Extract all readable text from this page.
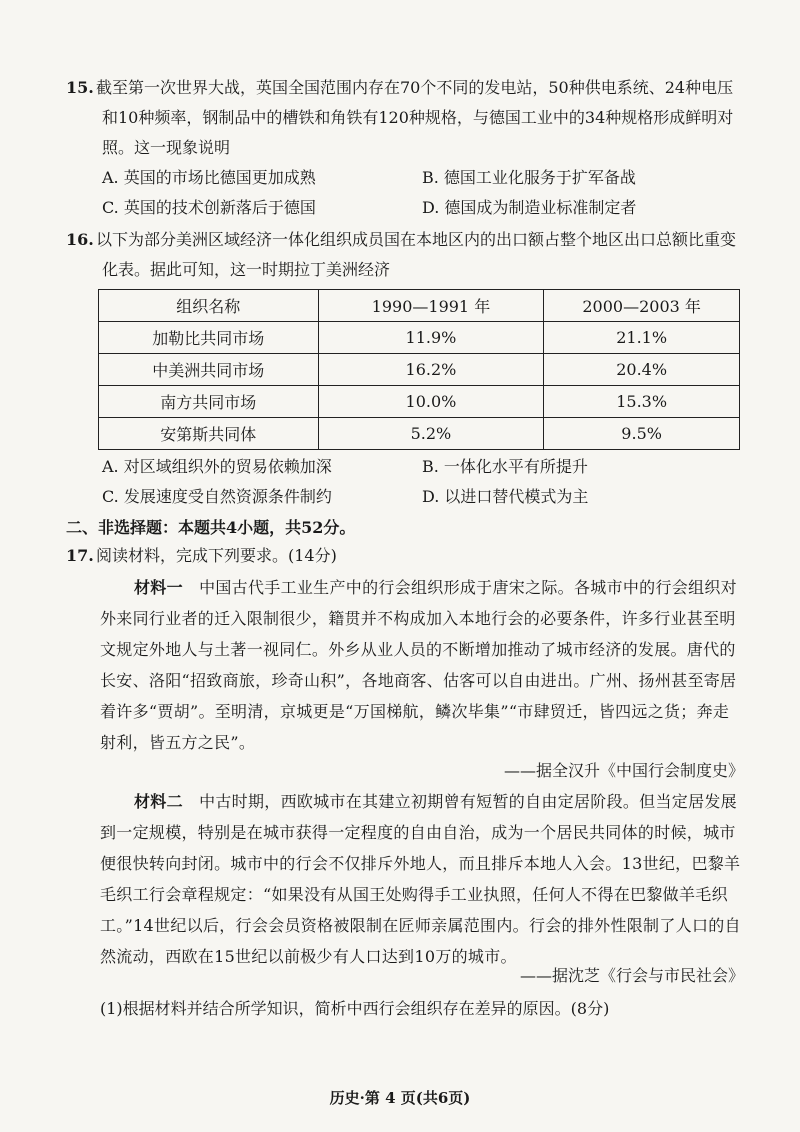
15. 截至第一次世界大战，英国全国范围内存在70个不同的发电站，50种供电系统、24种电压
和10种频率，钢制品中的槽铁和角铁有120种规格，与德国工业中的34种规格形成鲜明对
照。这一现象说明
A. 英国的市场比德国更加成熟	B. 德国工业化服务于扩军备战
C. 英国的技术创新落后于德国	D. 德国成为制造业标准制定者
16. 以下为部分美洲区域经济一体化组织成员国在本地区内的出口额占整个地区出口总额比重变
化表。据此可知，这一时期拉丁美洲经济
组织名称	1990—1991 年	2000—2003 年
加勒比共同市场	11.9%	21.1%
中美洲共同市场	16.2%	20.4%
南方共同市场	10.0%	15.3%
安第斯共同体	5.2%	9.5%
A. 对区域组织外的贸易依赖加深	B. 一体化水平有所提升
C. 发展速度受自然资源条件制约	D. 以进口替代模式为主
二、非选择题：本题共4小题，共52分。
17. 阅读材料，完成下列要求。(14分)

材料一 中国古代手工业生产中的行会组织形成于唐宋之际。各城市中的行会组织对外来同行业者的迁入限制很少，籍贯并不构成加入本地行会的必要条件，许多行业甚至明文规定外地人与土著一视同仁。外乡从业人员的不断增加推动了城市经济的发展。唐代的长安、洛阳“招致商旅，珍奇山积”，各地商客、估客可以自由进出。广州、扬州甚至寄居着许多“贾胡”。至明清，京城更是“万国梯航，鳞次毕集”“市肆贸迁，皆四远之货；奔走射利，皆五方之民”。

——据全汉升《中国行会制度史》

材料二 中古时期，西欧城市在其建立初期曾有短暂的自由定居阶段。但当定居发展到一定规模，特别是在城市获得一定程度的自由自治，成为一个居民共同体的时候，城市便很快转向封闭。城市中的行会不仅排斥外地人，而且排斥本地人入会。13世纪，巴黎羊毛织工行会章程规定：“如果没有从国王处购得手工业执照，任何人不得在巴黎做羊毛织工。”14世纪以后，行会会员资格被限制在匠师亲属范围内。行会的排外性限制了人口的自然流动，西欧在15世纪以前极少有人口达到10万的城市。

——据沈芝《行会与市民社会》
(1)根据材料并结合所学知识，简析中西行会组织存在差异的原因。(8分)
历史·第 4 页(共6页)
